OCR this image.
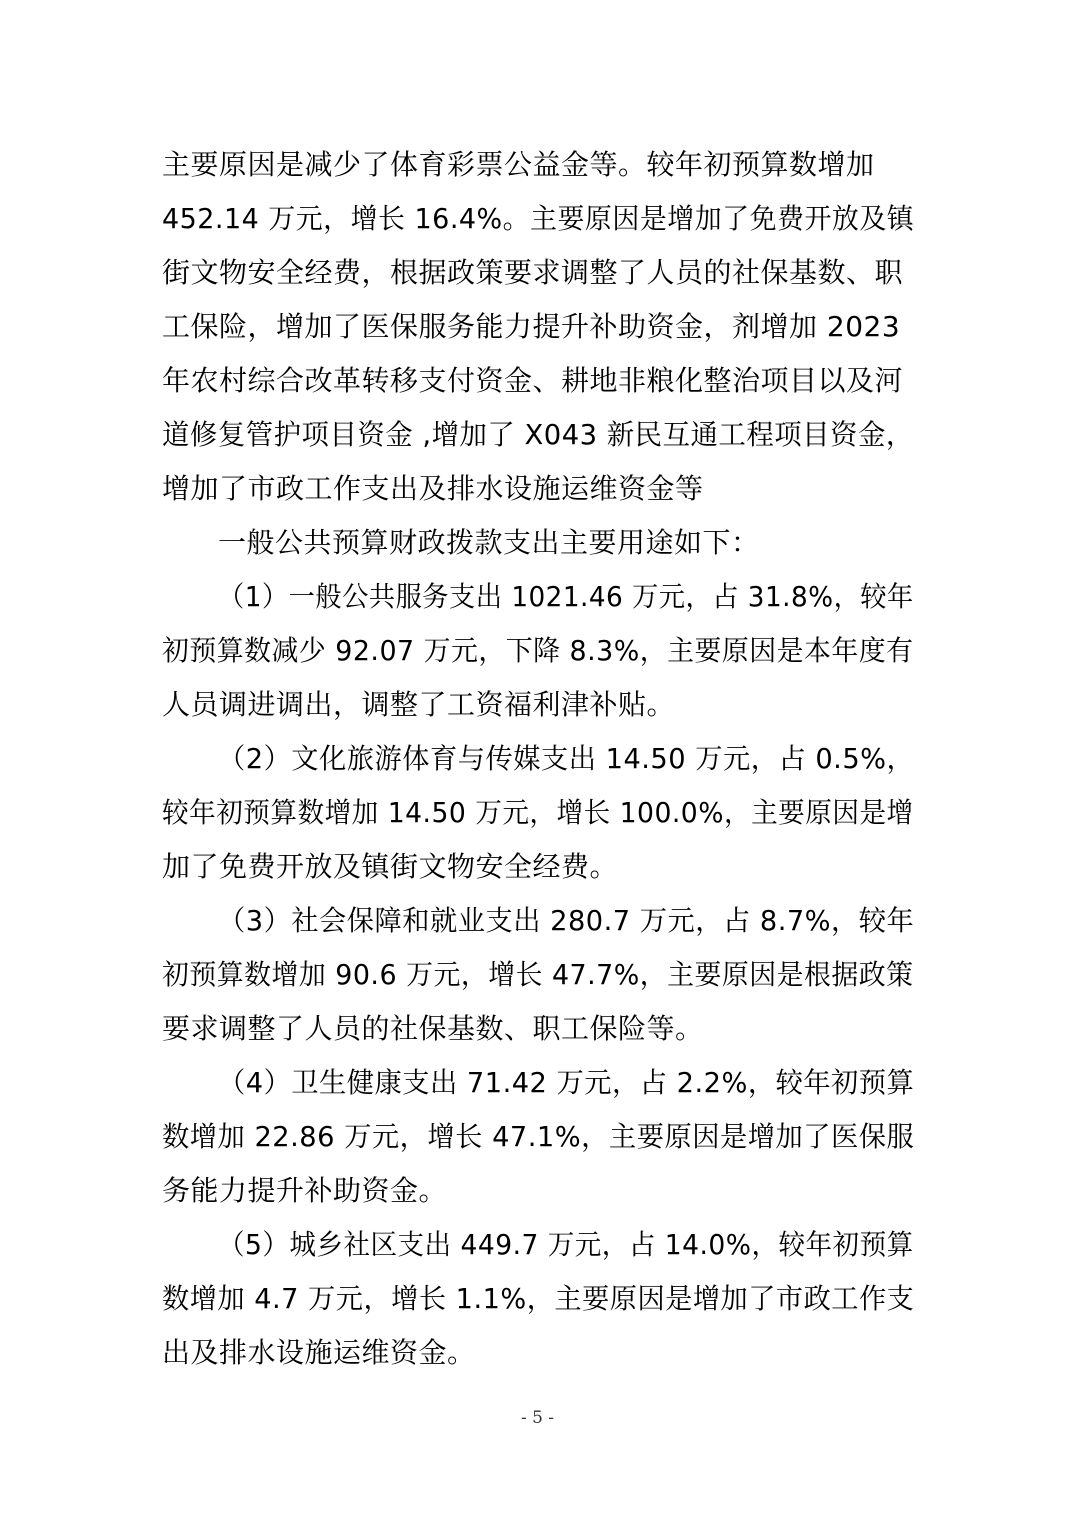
主要原因是减少了体育彩票公益金等。较年初预算数增加
452.14 万元，增长 16.4%。主要原因是增加了免费开放及镇
街文物安全经费，根据政策要求调整了人员的社保基数、职
工保险，增加了医保服务能力提升补助资金，剂增加 2023
年农村综合改革转移支付资金、耕地非粮化整治项目以及河
道修复管护项目资金 ,增加了 X043 新民互通工程项目资金，
增加了市政工作支出及排水设施运维资金等
一般公共预算财政拨款支出主要用途如下：
（1）一般公共服务支出 1021.46 万元，占 31.8%，较年
初预算数减少 92.07 万元，下降 8.3%，主要原因是本年度有
人员调进调出，调整了工资福利津补贴。
（2）文化旅游体育与传媒支出 14.50 万元，占 0.5%，
较年初预算数增加 14.50 万元，增长 100.0%，主要原因是增
加了免费开放及镇街文物安全经费。
（3）社会保障和就业支出 280.7 万元，占 8.7%，较年
初预算数增加 90.6 万元，增长 47.7%，主要原因是根据政策
要求调整了人员的社保基数、职工保险等。
（4）卫生健康支出 71.42 万元，占 2.2%，较年初预算
数增加 22.86 万元，增长 47.1%，主要原因是增加了医保服
务能力提升补助资金。
（5）城乡社区支出 449.7 万元，占 14.0%，较年初预算
数增加 4.7 万元，增长 1.1%，主要原因是增加了市政工作支
出及排水设施运维资金。
- 5 -
